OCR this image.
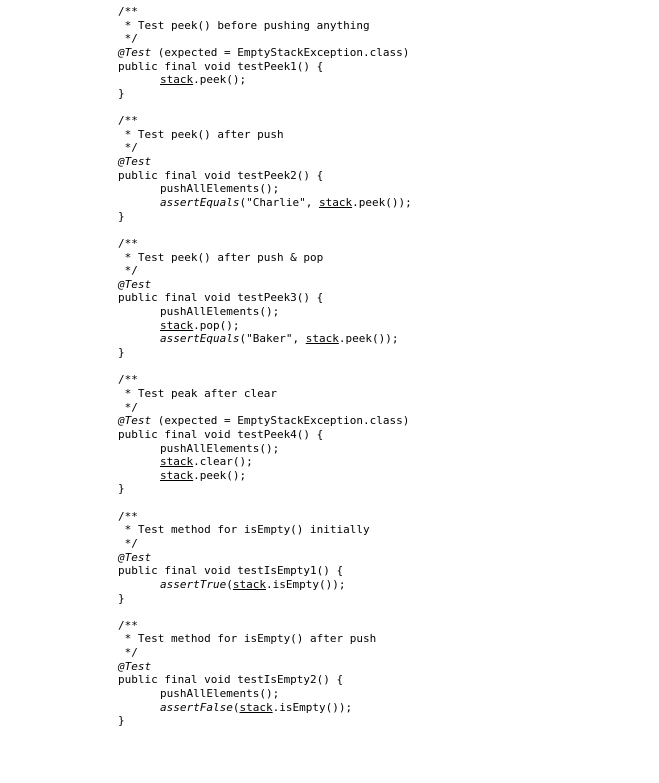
/**
* Test peek() before pushing anything
*/
@Test (expected = EmptyStackException.class)
public final void testPeek1() {
stack.peek();
}
/**
* Test peek() after push
*/
@Test
public final void testPeek2() {
pushAllElements();
assertEquals("Charlie", stack.peek());
}
/**
* Test peek() after push & pop
*/
@Test
public final void testPeek3() {
pushAllElements();
stack.pop();
assertEquals("Baker", stack.peek());
}
/**
* Test peak after clear
*/
@Test (expected = EmptyStackException.class)
public final void testPeek4() {
pushAllElements();
stack.clear();
stack.peek();
}
/**
* Test method for isEmpty() initially
*/
@Test
public final void testIsEmpty1() {
assertTrue(stack.isEmpty());
}
/**
* Test method for isEmpty() after push
*/
@Test
public final void testIsEmpty2() {
pushAllElements();
assertFalse(stack.isEmpty());
}
